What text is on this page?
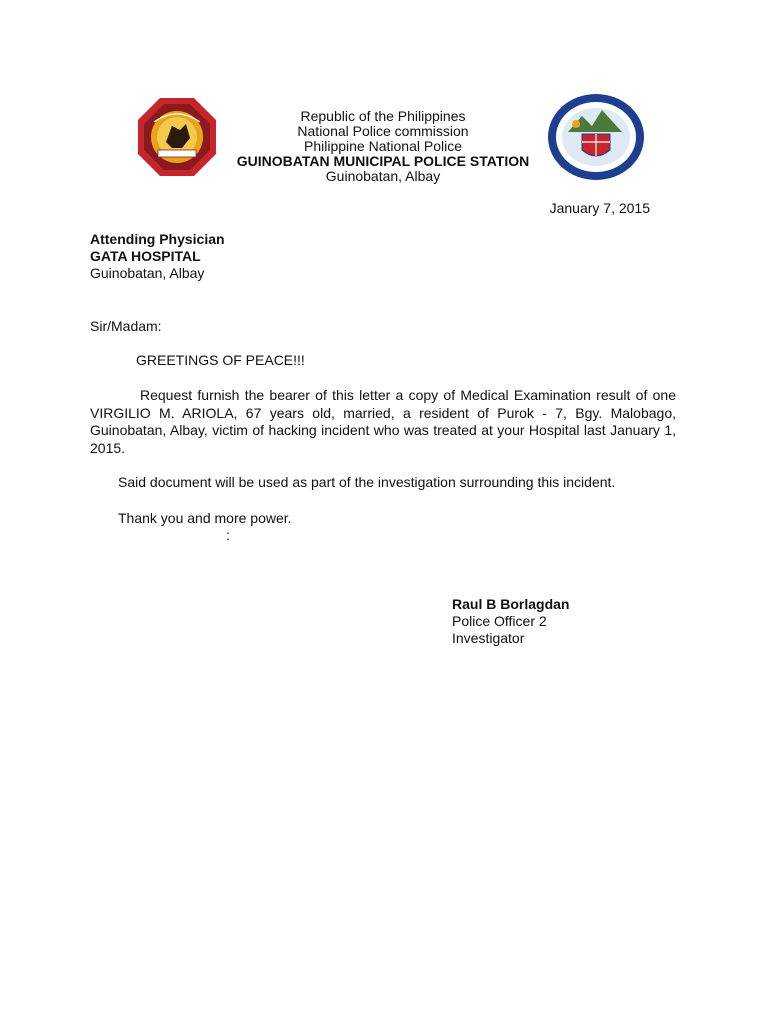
Republic of the Philippines
National Police commission
Philippine National Police
GUINOBATAN MUNICIPAL POLICE STATION
Guinobatan, Albay
January 7, 2015
Attending Physician
GATA HOSPITAL
Guinobatan, Albay
Sir/Madam:
GREETINGS OF PEACE!!!
Request furnish the bearer of this letter a copy of Medical Examination result of one VIRGILIO M. ARIOLA, 67 years old, married, a resident of Purok - 7, Bgy. Malobago, Guinobatan, Albay, victim of hacking incident who was treated at your Hospital last January 1, 2015.
Said document will be used as part of the investigation surrounding this incident.
Thank you and more power.
:
Raul B Borlagdan
Police Officer 2
Investigator
